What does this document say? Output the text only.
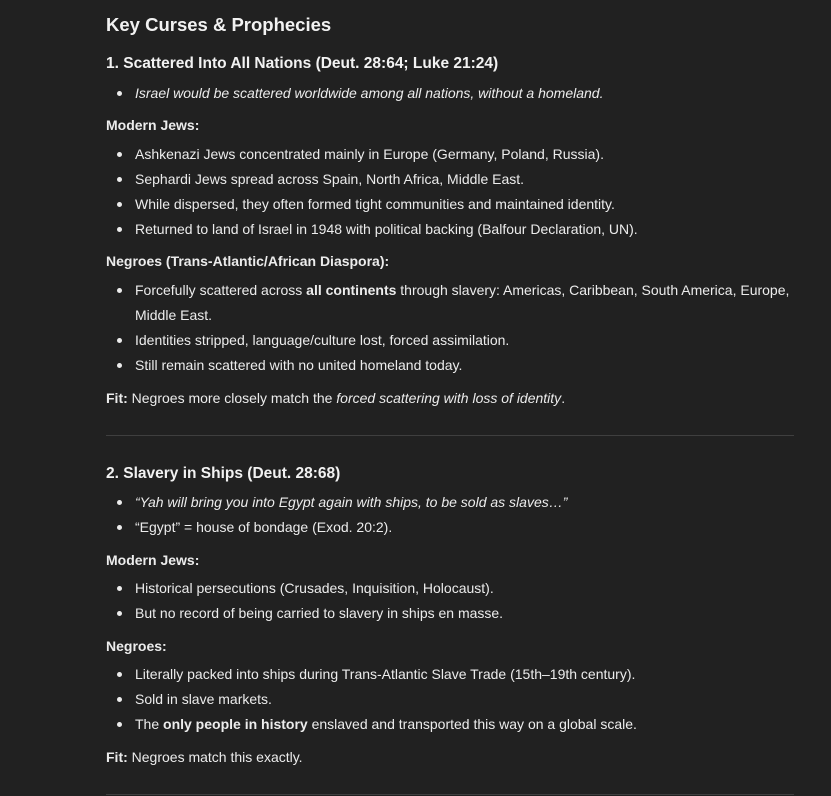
Key Curses & Prophecies
1. Scattered Into All Nations (Deut. 28:64; Luke 21:24)
Israel would be scattered worldwide among all nations, without a homeland.
Modern Jews:
Ashkenazi Jews concentrated mainly in Europe (Germany, Poland, Russia).
Sephardi Jews spread across Spain, North Africa, Middle East.
While dispersed, they often formed tight communities and maintained identity.
Returned to land of Israel in 1948 with political backing (Balfour Declaration, UN).
Negroes (Trans-Atlantic/African Diaspora):
Forcefully scattered across all continents through slavery: Americas, Caribbean, South America, Europe, Middle East.
Identities stripped, language/culture lost, forced assimilation.
Still remain scattered with no united homeland today.
Fit: Negroes more closely match the forced scattering with loss of identity.
2. Slavery in Ships (Deut. 28:68)
“Yah will bring you into Egypt again with ships, to be sold as slaves…”
“Egypt” = house of bondage (Exod. 20:2).
Modern Jews:
Historical persecutions (Crusades, Inquisition, Holocaust).
But no record of being carried to slavery in ships en masse.
Negroes:
Literally packed into ships during Trans-Atlantic Slave Trade (15th–19th century).
Sold in slave markets.
The only people in history enslaved and transported this way on a global scale.
Fit: Negroes match this exactly.
